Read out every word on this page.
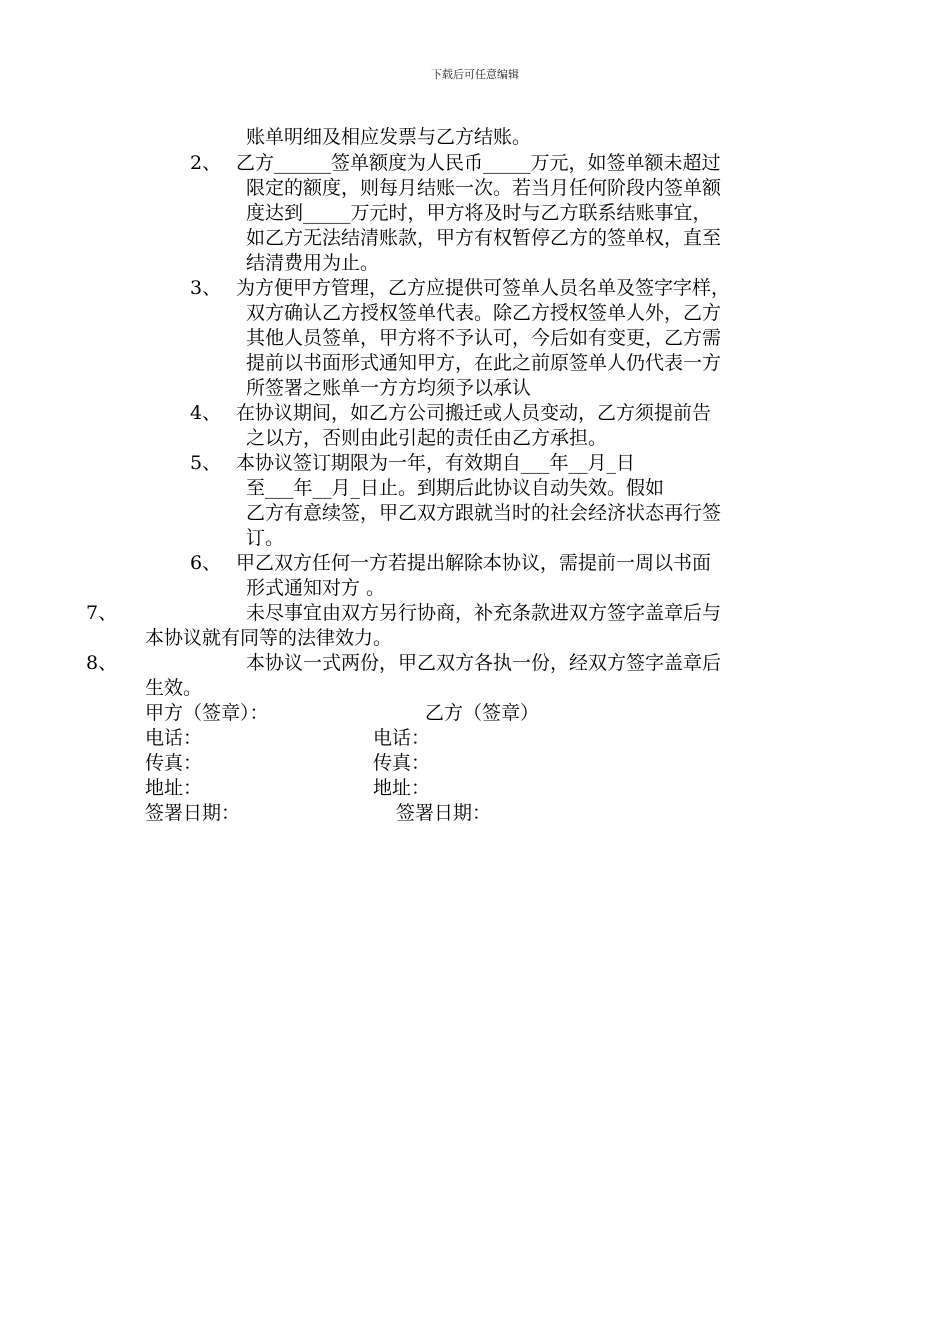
下载后可任意编辑
账单明细及相应发票与乙方结账。
2、 乙方______签单额度为人民币_____万元，如签单额未超过
限定的额度，则每月结账一次。若当月任何阶段内签单额
度达到_____万元时，甲方将及时与乙方联系结账事宜，
如乙方无法结清账款，甲方有权暂停乙方的签单权，直至
结清费用为止。
3、 为方便甲方管理，乙方应提供可签单人员名单及签字字样，
双方确认乙方授权签单代表。除乙方授权签单人外，乙方
其他人员签单，甲方将不予认可，今后如有变更，乙方需
提前以书面形式通知甲方，在此之前原签单人仍代表一方
所签署之账单一方方均须予以承认
4、 在协议期间，如乙方公司搬迁或人员变动，乙方须提前告
之以方，否则由此引起的责任由乙方承担。
5、 本协议签订期限为一年，有效期自___年__月_日
至___年__月_日止。到期后此协议自动失效。假如
乙方有意续签，甲乙双方跟就当时的社会经济状态再行签
订。
6、 甲乙双方任何一方若提出解除本协议，需提前一周以书面
形式通知对方 。
7、	未尽事宜由双方另行协商，补充条款进双方签字盖章后与
本协议就有同等的法律效力。
8、	本协议一式两份，甲乙双方各执一份，经双方签字盖章后
生效。
甲方（签章）：	乙方（签章）
电话：	电话：
传真：	传真：
地址：	地址：
签署日期：	签署日期：
